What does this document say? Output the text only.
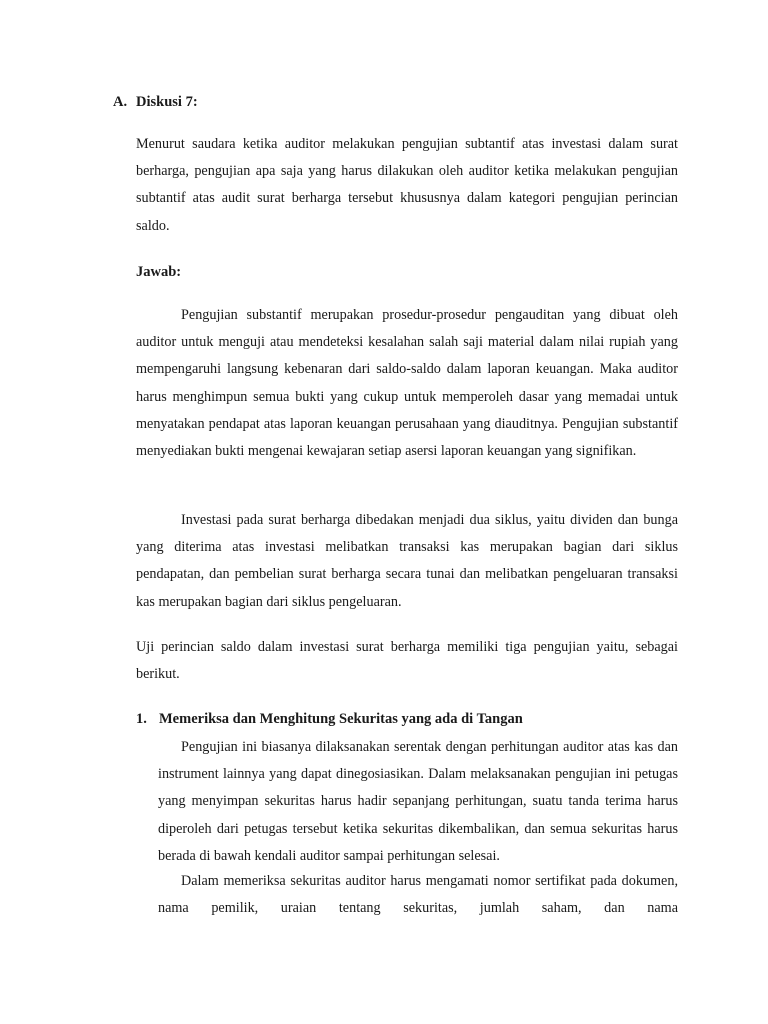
A. Diskusi 7:
Menurut saudara ketika auditor melakukan pengujian subtantif atas investasi dalam surat berharga, pengujian apa saja yang harus dilakukan oleh auditor ketika melakukan pengujian subtantif atas audit surat berharga tersebut khususnya dalam kategori pengujian perincian saldo.
Jawab:
Pengujian substantif merupakan prosedur-prosedur pengauditan yang dibuat oleh auditor untuk menguji atau mendeteksi kesalahan salah saji material dalam nilai rupiah yang mempengaruhi langsung kebenaran dari saldo-saldo dalam laporan keuangan. Maka auditor harus menghimpun semua bukti yang cukup untuk memperoleh dasar yang memadai untuk menyatakan pendapat atas laporan keuangan perusahaan yang diauditnya. Pengujian substantif menyediakan bukti mengenai kewajaran setiap asersi laporan keuangan yang signifikan.
Investasi pada surat berharga dibedakan menjadi dua siklus, yaitu dividen dan bunga yang diterima atas investasi melibatkan transaksi kas merupakan bagian dari siklus pendapatan, dan pembelian surat berharga secara tunai dan melibatkan pengeluaran transaksi kas merupakan bagian dari siklus pengeluaran.
Uji perincian saldo dalam investasi surat berharga memiliki tiga pengujian yaitu, sebagai berikut.
1. Memeriksa dan Menghitung Sekuritas yang ada di Tangan
Pengujian ini biasanya dilaksanakan serentak dengan perhitungan auditor atas kas dan instrument lainnya yang dapat dinegosiasikan. Dalam melaksanakan pengujian ini petugas yang menyimpan sekuritas harus hadir sepanjang perhitungan, suatu tanda terima harus diperoleh dari petugas tersebut ketika sekuritas dikembalikan, dan semua sekuritas harus berada di bawah kendali auditor sampai perhitungan selesai.
Dalam memeriksa sekuritas auditor harus mengamati nomor sertifikat pada dokumen, nama pemilik, uraian tentang sekuritas, jumlah saham, dan nama
